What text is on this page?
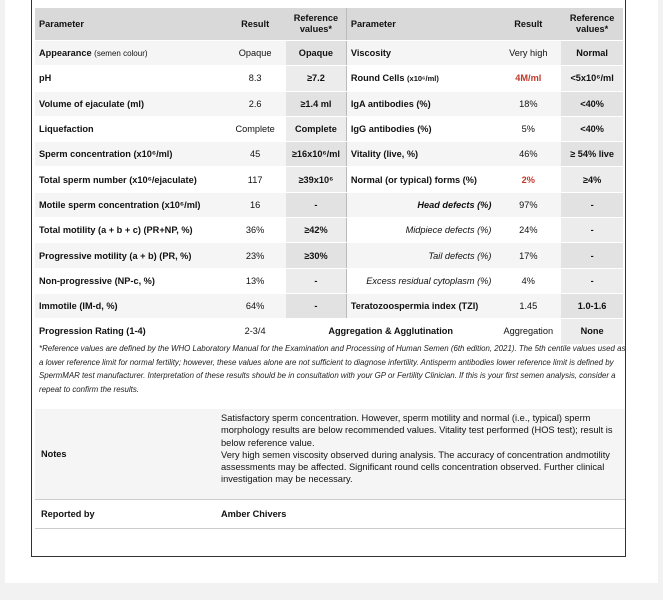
Parameter	Result	Reference values*	Parameter	Result	Reference values*
Appearance (semen colour)	Opaque	Opaque	Viscosity	Very high	Normal
pH	8.3	≥7.2	Round Cells (x10⁶/ml)	4M/ml	<5x10⁶/ml
Volume of ejaculate (ml)	2.6	≥1.4 ml	IgA antibodies (%)	18%	<40%
Liquefaction	Complete	Complete	IgG antibodies (%)	5%	<40%
Sperm concentration (x10⁶/ml)	45	≥16x10⁶/ml	Vitality (live, %)	46%	≥ 54% live
Total sperm number (x10⁶/ejaculate)	117	≥39x10⁶	Normal (or typical) forms (%)	2%	≥4%
Motile sperm concentration (x10⁶/ml)	16	-	Head defects (%)	97%	-
Total motility (a + b + c) (PR+NP, %)	36%	≥42%	Midpiece defects (%)	24%	-
Progressive motility (a + b) (PR, %)	23%	≥30%	Tail defects (%)	17%	-
Non-progressive (NP-c, %)	13%	-	Excess residual cytoplasm (%)	4%	-
Immotile (IM-d, %)	64%	-	Teratozoospermia index (TZI)	1.45	1.0-1.6
Progression Rating (1-4)	2-3/4	Aggregation & Agglutination		Aggregation	None
*Reference values are defined by the WHO Laboratory Manual for the Examination and Processing of Human Semen (6th edition, 2021). The 5th centile values used as a lower reference limit for normal fertility; however, these values alone are not sufficient to diagnose infertility. Antisperm antibodies lower reference limit is defined by SpermMAR test manufacturer. Interpretation of these results should be in consultation with your GP or Fertility Clinician. If this is your first semen analysis, consider a repeat to confirm the results.
Notes	Satisfactory sperm concentration. However, sperm motility and normal (i.e., typical) sperm morphology results are below recommended values. Vitality test performed (HOS test); result is below reference value.
Very high semen viscosity observed during analysis. The accuracy of concentration andmotility assessments may be affected. Significant round cells concentration observed. Further clinical investigation may be necessary.

Reported by	Amber Chivers
